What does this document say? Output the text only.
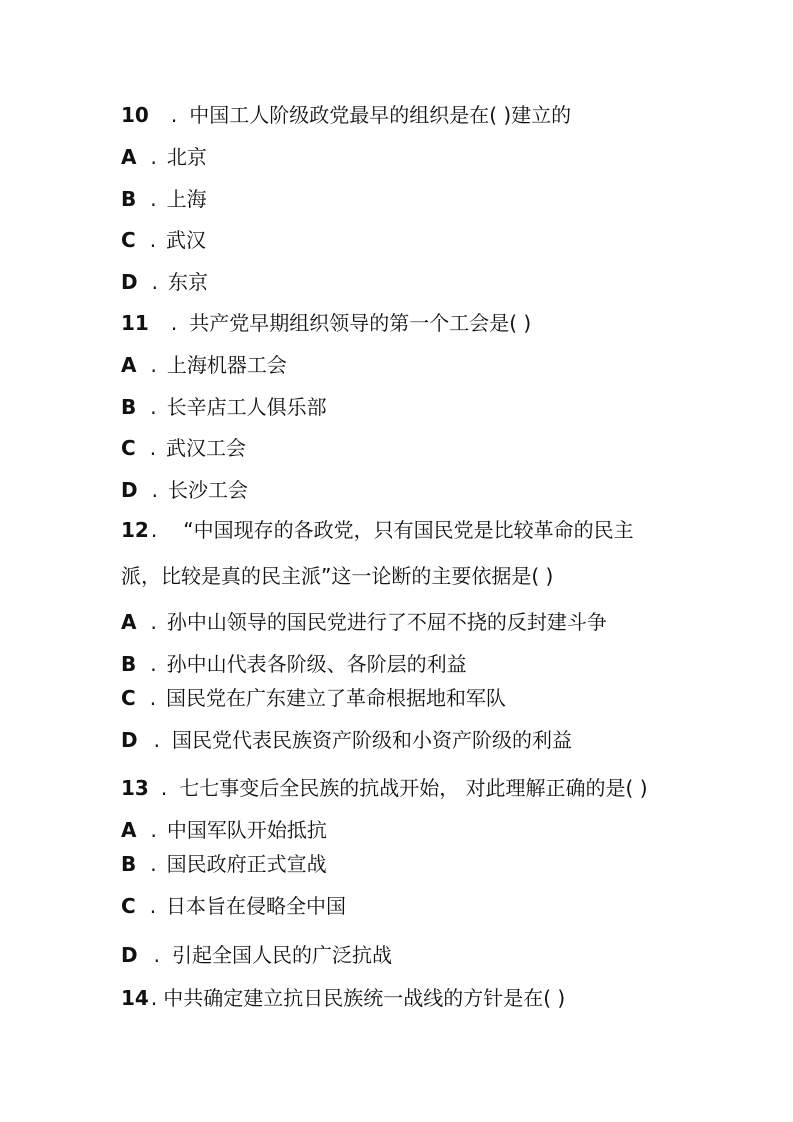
10 . 中国工人阶级政党最早的组织是在( )建立的
A . 北京
B . 上海
C . 武汉
D . 东京
11 . 共产党早期组织领导的第一个工会是( )
A . 上海机器工会
B . 长辛店工人俱乐部
C . 武汉工会
D . 长沙工会
12 . “中国现存的各政党，只有国民党是比较革命的民主
派，比较是真的民主派”这一论断的主要依据是( )
A . 孙中山领导的国民党进行了不屈不挠的反封建斗争
B . 孙中山代表各阶级、各阶层的利益
C . 国民党在广东建立了革命根据地和军队
D . 国民党代表民族资产阶级和小资产阶级的利益
13 . 七七事变后全民族的抗战开始， 对此理解正确的是( )
A . 中国军队开始抵抗
B . 国民政府正式宣战
C . 日本旨在侵略全中国
D . 引起全国人民的广泛抗战
14 . 中共确定建立抗日民族统一战线的方针是在( )
